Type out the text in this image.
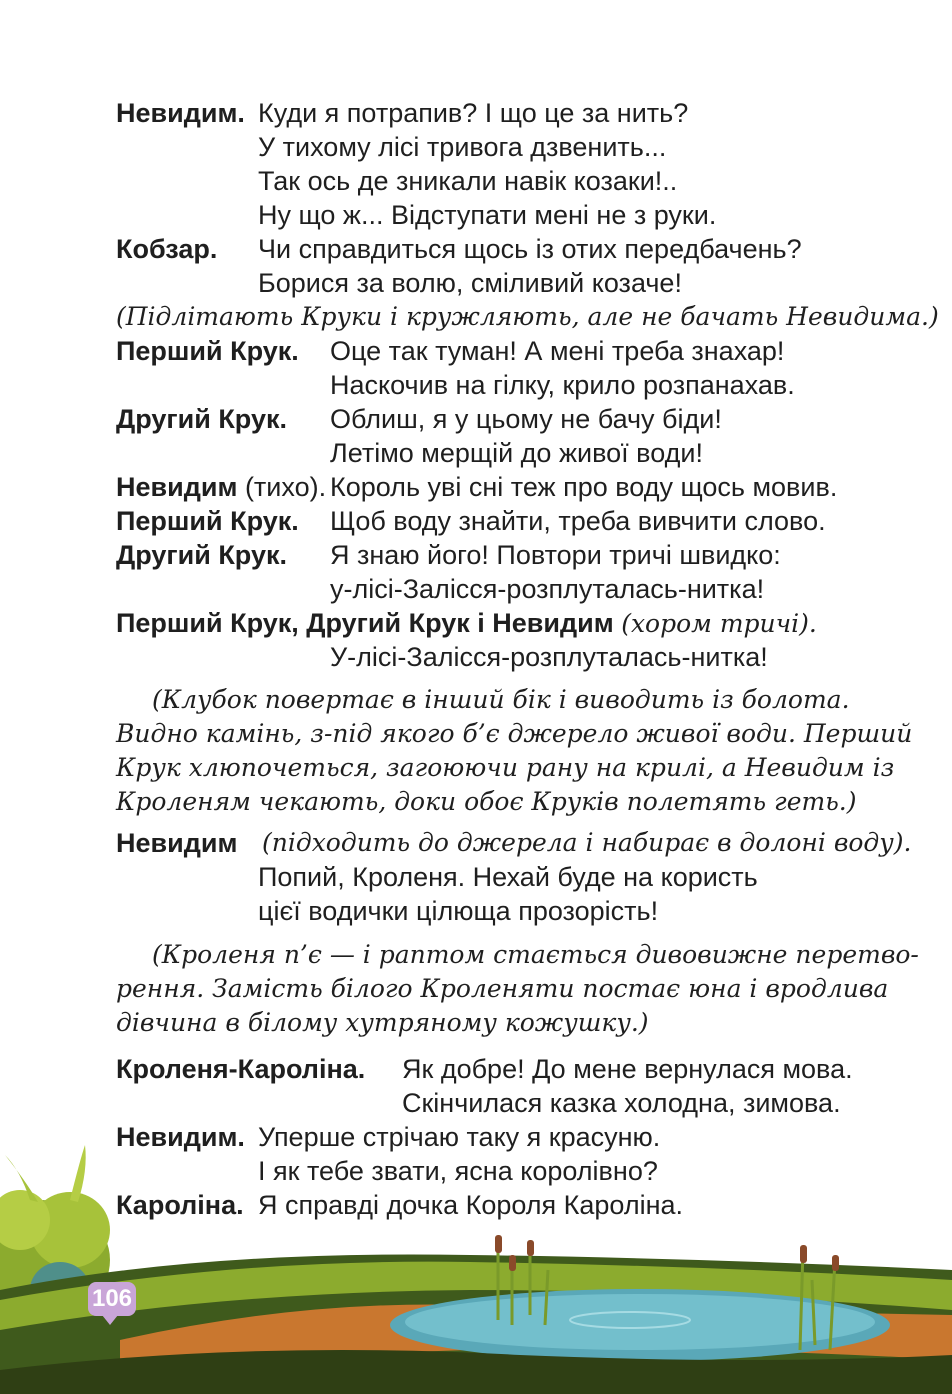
Невидим. Куди я потрапив? І що це за нить?
У тихому лісі тривога дзвенить...
Так ось де зникали навік козаки!..
Ну що ж... Відступати мені не з руки.
Кобзар. Чи справдиться щось із отих передбачень?
Борися за волю, сміливий козаче!
(Підлітають Круки і кружляють, але не бачать Невидима.)
Перший Крук. Оце так туман! А мені треба знахар!
Наскочив на гілку, крило розпанахав.
Другий Крук. Облиш, я у цьому не бачу біди!
Летімо мерщій до живої води!
Невидим (тихо). Король уві сні теж про воду щось мовив.
Перший Крук. Щоб воду знайти, треба вивчити слово.
Другий Крук. Я знаю його! Повтори тричі швидко:
у-лісі-Залісся-розплуталась-нитка!
Перший Крук, Другий Крук і Невидим (хором тричі).
У-лісі-Залісся-розплуталась-нитка!
(Клубок повертає в інший бік і виводить із болота.
Видно камінь, з-під якого б’є джерело живої води. Перший
Крук хлюпочеться, загоюючи рану на крилі, а Невидим із
Кроленям чекають, доки обоє Круків полетять геть.)
Невидим (підходить до джерела і набирає в долоні воду).
Попий, Кроленя. Нехай буде на користь
цієї водички цілюща прозорість!
(Кроленя п’є — і раптом стається дивовижне перетво-
рення. Замість білого Кроленяти постає юна і вродлива
дівчина в білому хутряному кожушку.)
Кроленя-Кароліна. Як добре! До мене вернулася мова.
Скінчилася казка холодна, зимова.
Невидим. Уперше стрічаю таку я красуню.
І як тебе звати, ясна королівно?
Кароліна. Я справді дочка Короля Кароліна.
106
